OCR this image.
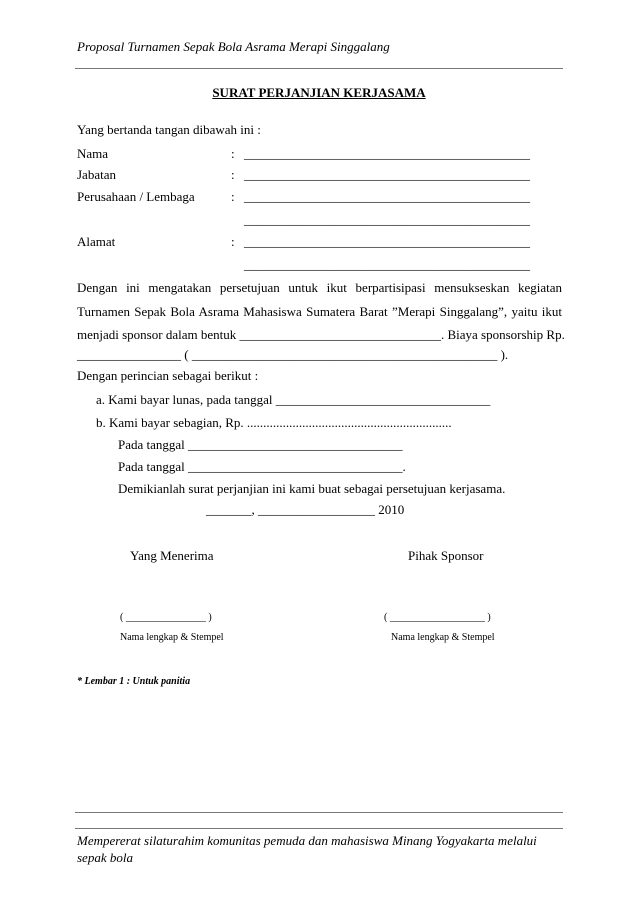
Proposal Turnamen Sepak Bola Asrama Merapi Singgalang
SURAT PERJANJIAN KERJASAMA
Yang bertanda tangan dibawah ini :
Nama	: ____________________________________________
Jabatan	: ____________________________________________
Perusahaan / Lembaga	: ____________________________________________
____________________________________________
Alamat	: ____________________________________________
____________________________________________
Dengan ini mengatakan persetujuan untuk ikut berpartisipasi mensukseskan kegiatan
Turnamen Sepak Bola Asrama Mahasiswa Sumatera Barat ”Merapi Singgalang”, yaitu ikut
menjadi sponsor dalam bentuk _______________________________. Biaya sponsorship Rp.
________________ ( _______________________________________________ ).
Dengan perincian sebagai berikut :
a. Kami bayar lunas, pada tanggal _________________________________
b. Kami bayar sebagian, Rp. ...............................................................
Pada tanggal _________________________________
Pada tanggal _________________________________.
Demikianlah surat perjanjian ini kami buat sebagai persetujuan kerjasama.
_______, __________________ 2010
Yang Menerima	Pihak Sponsor
( ________________ )	( ___________________ )
Nama lengkap & Stempel	Nama lengkap & Stempel
* Lembar 1 : Untuk panitia
Mempererat silaturahim komunitas pemuda dan mahasiswa Minang Yogyakarta melalui sepak bola
